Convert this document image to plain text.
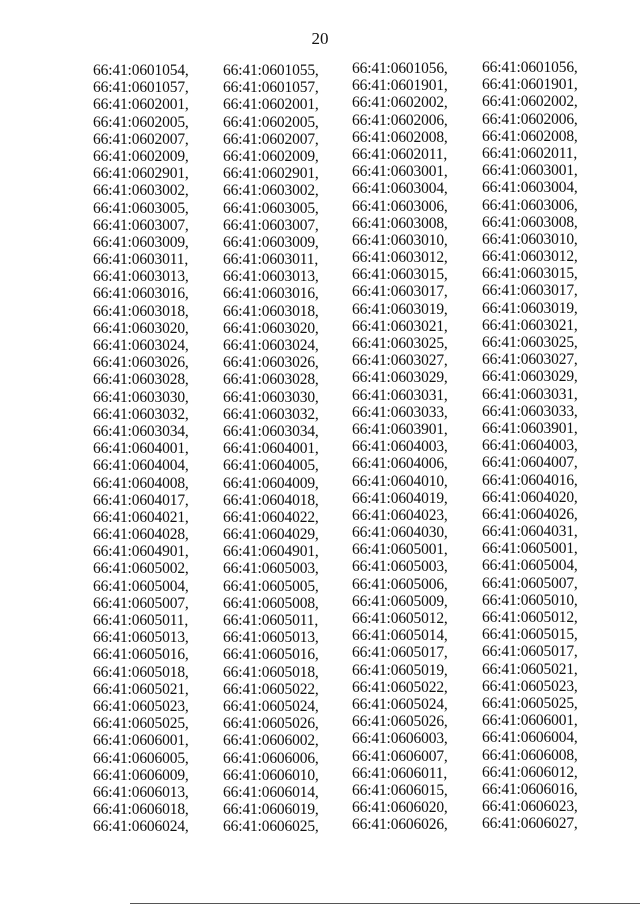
20
66:41:0601054,
66:41:0601057,
66:41:0602001,
66:41:0602005,
66:41:0602007,
66:41:0602009,
66:41:0602901,
66:41:0603002,
66:41:0603005,
66:41:0603007,
66:41:0603009,
66:41:0603011,
66:41:0603013,
66:41:0603016,
66:41:0603018,
66:41:0603020,
66:41:0603024,
66:41:0603026,
66:41:0603028,
66:41:0603030,
66:41:0603032,
66:41:0603034,
66:41:0604001,
66:41:0604004,
66:41:0604008,
66:41:0604017,
66:41:0604021,
66:41:0604028,
66:41:0604901,
66:41:0605002,
66:41:0605004,
66:41:0605007,
66:41:0605011,
66:41:0605013,
66:41:0605016,
66:41:0605018,
66:41:0605021,
66:41:0605023,
66:41:0605025,
66:41:0606001,
66:41:0606005,
66:41:0606009,
66:41:0606013,
66:41:0606018,
66:41:0606024,
66:41:0601055,
66:41:0601057,
66:41:0602001,
66:41:0602005,
66:41:0602007,
66:41:0602009,
66:41:0602901,
66:41:0603002,
66:41:0603005,
66:41:0603007,
66:41:0603009,
66:41:0603011,
66:41:0603013,
66:41:0603016,
66:41:0603018,
66:41:0603020,
66:41:0603024,
66:41:0603026,
66:41:0603028,
66:41:0603030,
66:41:0603032,
66:41:0603034,
66:41:0604001,
66:41:0604005,
66:41:0604009,
66:41:0604018,
66:41:0604022,
66:41:0604029,
66:41:0604901,
66:41:0605003,
66:41:0605005,
66:41:0605008,
66:41:0605011,
66:41:0605013,
66:41:0605016,
66:41:0605018,
66:41:0605022,
66:41:0605024,
66:41:0605026,
66:41:0606002,
66:41:0606006,
66:41:0606010,
66:41:0606014,
66:41:0606019,
66:41:0606025,
66:41:0601056,
66:41:0601901,
66:41:0602002,
66:41:0602006,
66:41:0602008,
66:41:0602011,
66:41:0603001,
66:41:0603004,
66:41:0603006,
66:41:0603008,
66:41:0603010,
66:41:0603012,
66:41:0603015,
66:41:0603017,
66:41:0603019,
66:41:0603021,
66:41:0603025,
66:41:0603027,
66:41:0603029,
66:41:0603031,
66:41:0603033,
66:41:0603901,
66:41:0604003,
66:41:0604006,
66:41:0604010,
66:41:0604019,
66:41:0604023,
66:41:0604030,
66:41:0605001,
66:41:0605003,
66:41:0605006,
66:41:0605009,
66:41:0605012,
66:41:0605014,
66:41:0605017,
66:41:0605019,
66:41:0605022,
66:41:0605024,
66:41:0605026,
66:41:0606003,
66:41:0606007,
66:41:0606011,
66:41:0606015,
66:41:0606020,
66:41:0606026,
66:41:0601056,
66:41:0601901,
66:41:0602002,
66:41:0602006,
66:41:0602008,
66:41:0602011,
66:41:0603001,
66:41:0603004,
66:41:0603006,
66:41:0603008,
66:41:0603010,
66:41:0603012,
66:41:0603015,
66:41:0603017,
66:41:0603019,
66:41:0603021,
66:41:0603025,
66:41:0603027,
66:41:0603029,
66:41:0603031,
66:41:0603033,
66:41:0603901,
66:41:0604003,
66:41:0604007,
66:41:0604016,
66:41:0604020,
66:41:0604026,
66:41:0604031,
66:41:0605001,
66:41:0605004,
66:41:0605007,
66:41:0605010,
66:41:0605012,
66:41:0605015,
66:41:0605017,
66:41:0605021,
66:41:0605023,
66:41:0605025,
66:41:0606001,
66:41:0606004,
66:41:0606008,
66:41:0606012,
66:41:0606016,
66:41:0606023,
66:41:0606027,
